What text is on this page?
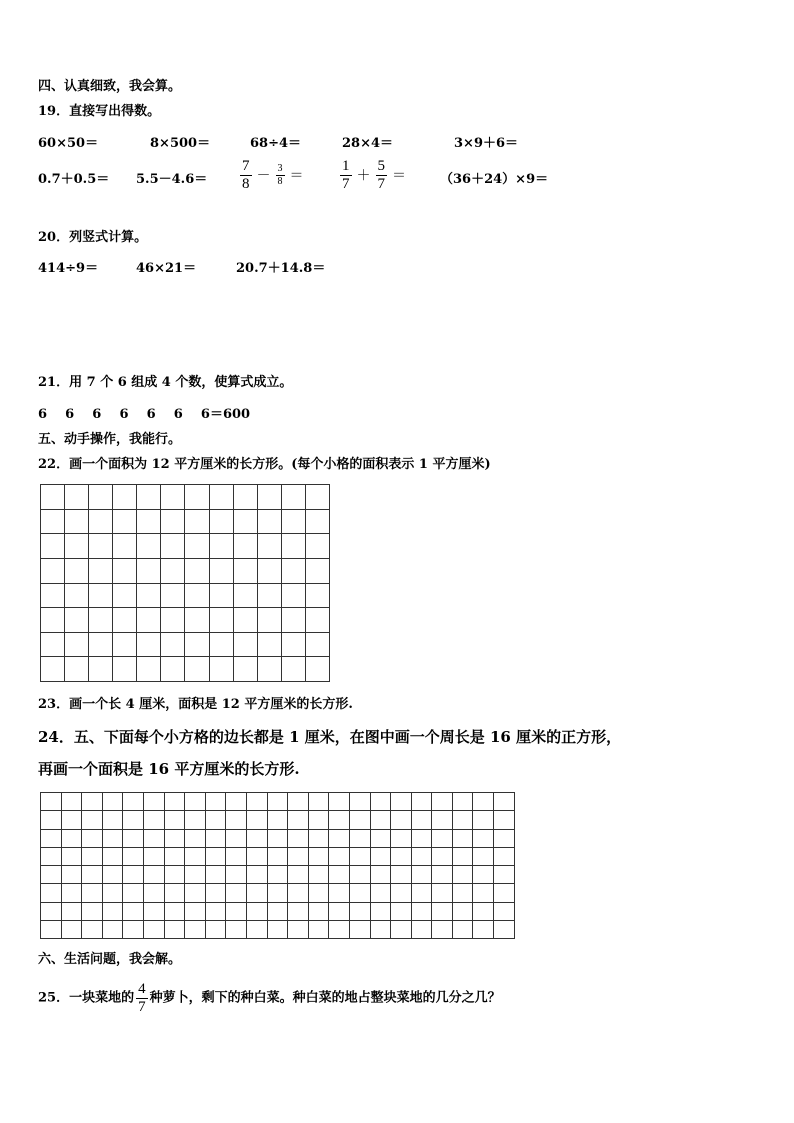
四、认真细致，我会算。
19．直接写出得数。
60×50＝	8×500＝	68÷4＝	28×4＝	3×9＋6＝
$0.7+0.5= 5.5-4.6= \frac{7}{8} - \frac{3}{8} = \frac{1}{7} + \frac{5}{7}$ ＝	（36＋24）×9＝
20．列竖式计算。
414÷9＝	46×21＝	20.7＋14.8＝
21．用 7 个 6 组成 4 个数，使算式成立。
6    6    6    6    6    6    6＝600
五、动手操作，我能行。
22．画一个面积为 12 平方厘米的长方形。(每个小格的面积表示 1 平方厘米)

23．画一个长 4 厘米，面积是 12 平方厘米的长方形.
24．五、下面每个小方格的边长都是 1 厘米，在图中画一个周长是 16 厘米的正方形，
再画一个面积是 16 平方厘米的长方形.

六、生活问题，我会解。
25．一块菜地的 $\frac{4}{7}$ 种萝卜，剩下的种白菜。种白菜的地占整块菜地的几分之几？
